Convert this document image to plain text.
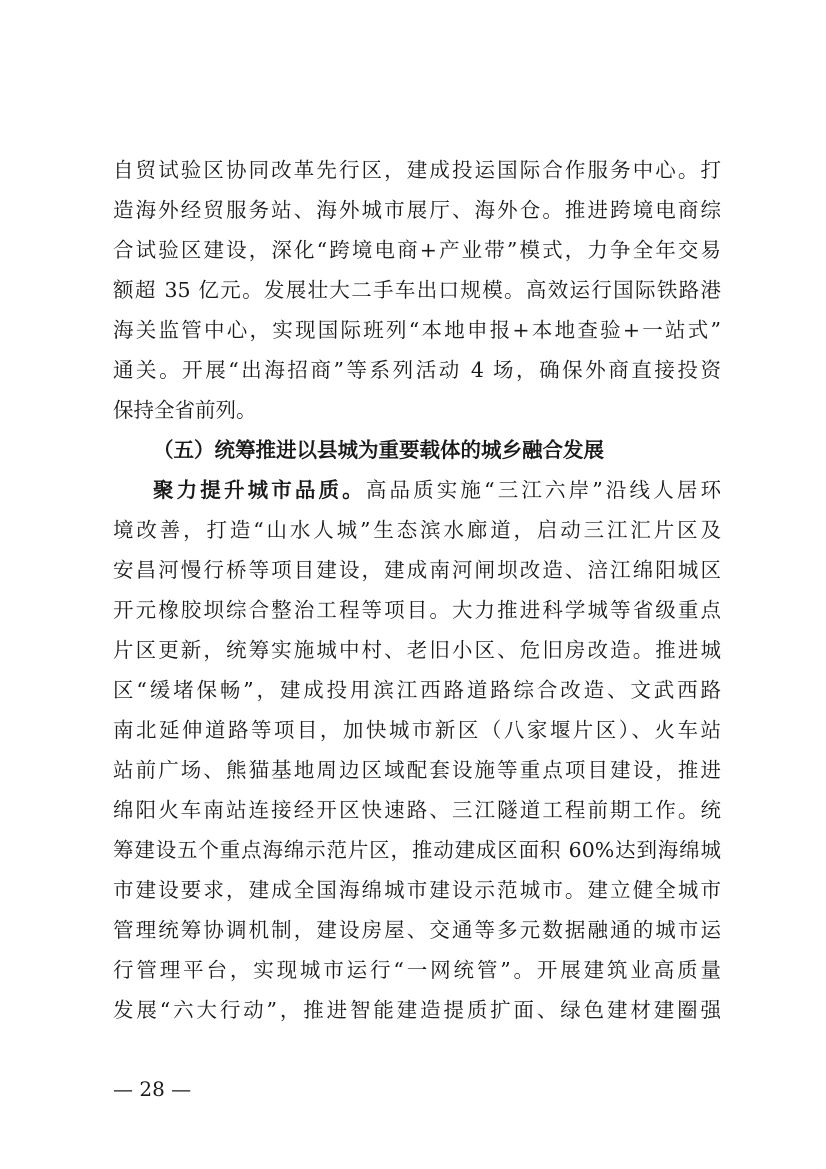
自贸试验区协同改革先行区，建成投运国际合作服务中心。打
造海外经贸服务站、海外城市展厅、海外仓。推进跨境电商综
合试验区建设，深化“跨境电商+产业带”模式，力争全年交易
额超 35 亿元。发展壮大二手车出口规模。高效运行国际铁路港
海关监管中心，实现国际班列“本地申报+本地查验+一站式”
通关。开展“出海招商”等系列活动 4 场，确保外商直接投资
保持全省前列。
（五）统筹推进以县城为重要载体的城乡融合发展
聚力提升城市品质。高品质实施“三江六岸”沿线人居环
境改善，打造“山水人城”生态滨水廊道，启动三江汇片区及
安昌河慢行桥等项目建设，建成南河闸坝改造、涪江绵阳城区
开元橡胶坝综合整治工程等项目。大力推进科学城等省级重点
片区更新，统筹实施城中村、老旧小区、危旧房改造。推进城
区“缓堵保畅”，建成投用滨江西路道路综合改造、文武西路
南北延伸道路等项目，加快城市新区（八家堰片区）、火车站
站前广场、熊猫基地周边区域配套设施等重点项目建设，推进
绵阳火车南站连接经开区快速路、三江隧道工程前期工作。统
筹建设五个重点海绵示范片区，推动建成区面积 60%达到海绵城
市建设要求，建成全国海绵城市建设示范城市。建立健全城市
管理统筹协调机制，建设房屋、交通等多元数据融通的城市运
行管理平台，实现城市运行“一网统管”。开展建筑业高质量
发展“六大行动”，推进智能建造提质扩面、绿色建材建圈强
— 28 —
